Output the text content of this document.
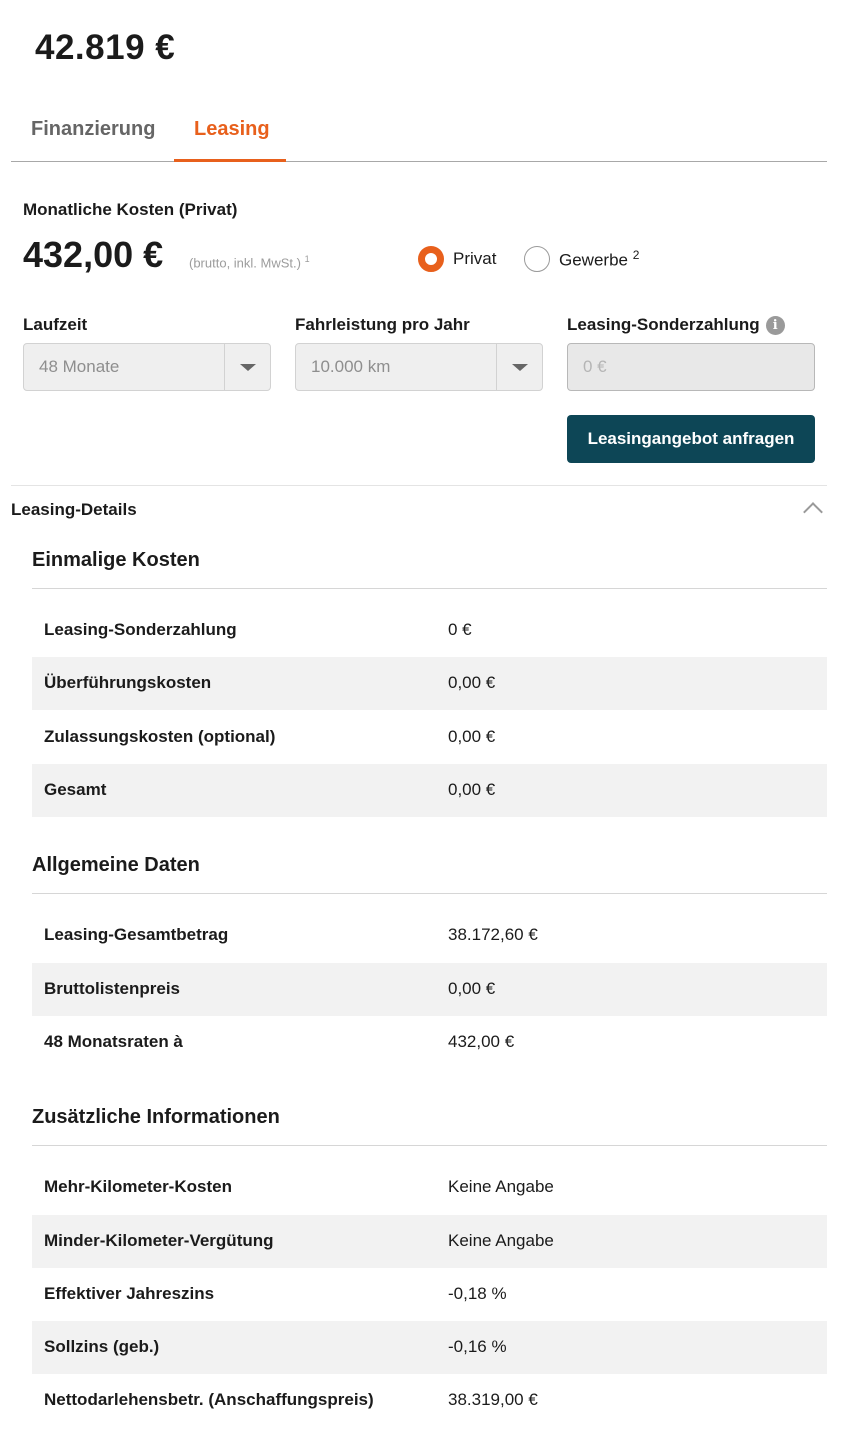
42.819 €
Finanzierung Leasing
Monatliche Kosten (Privat)
432,00 € (brutto, inkl. MwSt.) $^1$	Privat	Gewerbe $^2$
Laufzeit	Fahrleistung pro Jahr	Leasing-Sonderzahlung	i
48 Monate	10.000 km	0 €
Leasingangebot anfragen
Leasing-Details
Einmalige Kosten
Leasing-Sonderzahlung	0 €
Überführungskosten	0,00 €
Zulassungskosten (optional)	0,00 €
Gesamt	0,00 €
Allgemeine Daten
Leasing-Gesamtbetrag	38.172,60 €
Bruttolistenpreis	0,00 €
48 Monatsraten à	432,00 €
Zusätzliche Informationen
Mehr-Kilometer-Kosten	Keine Angabe
Minder-Kilometer-Vergütung	Keine Angabe
Effektiver Jahreszins	-0,18 %
Sollzins (geb.)	-0,16 %
Nettodarlehensbetr. (Anschaffungspreis)	38.319,00 €
